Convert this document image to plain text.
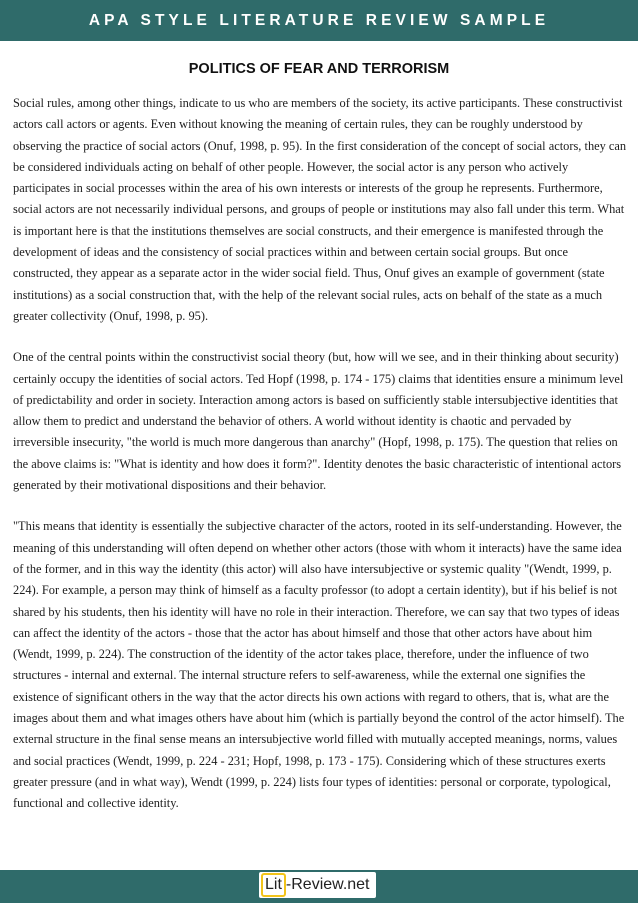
APA STYLE LITERATURE REVIEW SAMPLE
POLITICS OF FEAR AND TERRORISM

Social rules, among other things, indicate to us who are members of the society, its active participants. These constructivist actors call actors or agents. Even without knowing the meaning of certain rules, they can be roughly understood by observing the practice of social actors (Onuf, 1998, p. 95). In the first consideration of the concept of social actors, they can be considered individuals acting on behalf of other people. However, the social actor is any person who actively participates in social processes within the area of his own interests or interests of the group he represents. Furthermore, social actors are not necessarily individual persons, and groups of people or institutions may also fall under this term. What is important here is that the institutions themselves are social constructs, and their emergence is manifested through the development of ideas and the consistency of social practices within and between certain social groups. But once constructed, they appear as a separate actor in the wider social field. Thus, Onuf gives an example of government (state institutions) as a social construction that, with the help of the relevant social rules, acts on behalf of the state as a much greater collectivity (Onuf, 1998, p. 95).

One of the central points within the constructivist social theory (but, how will we see, and in their thinking about security) certainly occupy the identities of social actors. Ted Hopf (1998, p. 174 - 175) claims that identities ensure a minimum level of predictability and order in society. Interaction among actors is based on sufficiently stable intersubjective identities that allow them to predict and understand the behavior of others. A world without identity is chaotic and pervaded by irreversible insecurity, "the world is much more dangerous than anarchy" (Hopf, 1998, p. 175). The question that relies on the above claims is: "What is identity and how does it form?". Identity denotes the basic characteristic of intentional actors generated by their motivational dispositions and their behavior.

"This means that identity is essentially the subjective character of the actors, rooted in its self-understanding. However, the meaning of this understanding will often depend on whether other actors (those with whom it interacts) have the same idea of the former, and in this way the identity (this actor) will also have intersubjective or systemic quality "(Wendt, 1999, p. 224). For example, a person may think of himself as a faculty professor (to adopt a certain identity), but if his belief is not shared by his students, then his identity will have no role in their interaction. Therefore, we can say that two types of ideas can affect the identity of the actors - those that the actor has about himself and those that other actors have about him (Wendt, 1999, p. 224). The construction of the identity of the actor takes place, therefore, under the influence of two structures - internal and external. The internal structure refers to self-awareness, while the external one signifies the existence of significant others in the way that the actor directs his own actions with regard to others, that is, what are the images about them and what images others have about him (which is partially beyond the control of the actor himself). The external structure in the final sense means an intersubjective world filled with mutually accepted meanings, norms, values and social practices (Wendt, 1999, p. 224 - 231; Hopf, 1998, p. 173 - 175). Considering which of these structures exerts greater pressure (and in what way), Wendt (1999, p. 224) lists four types of identities: personal or corporate, typological, functional and collective identity.

Lit - Review.net
